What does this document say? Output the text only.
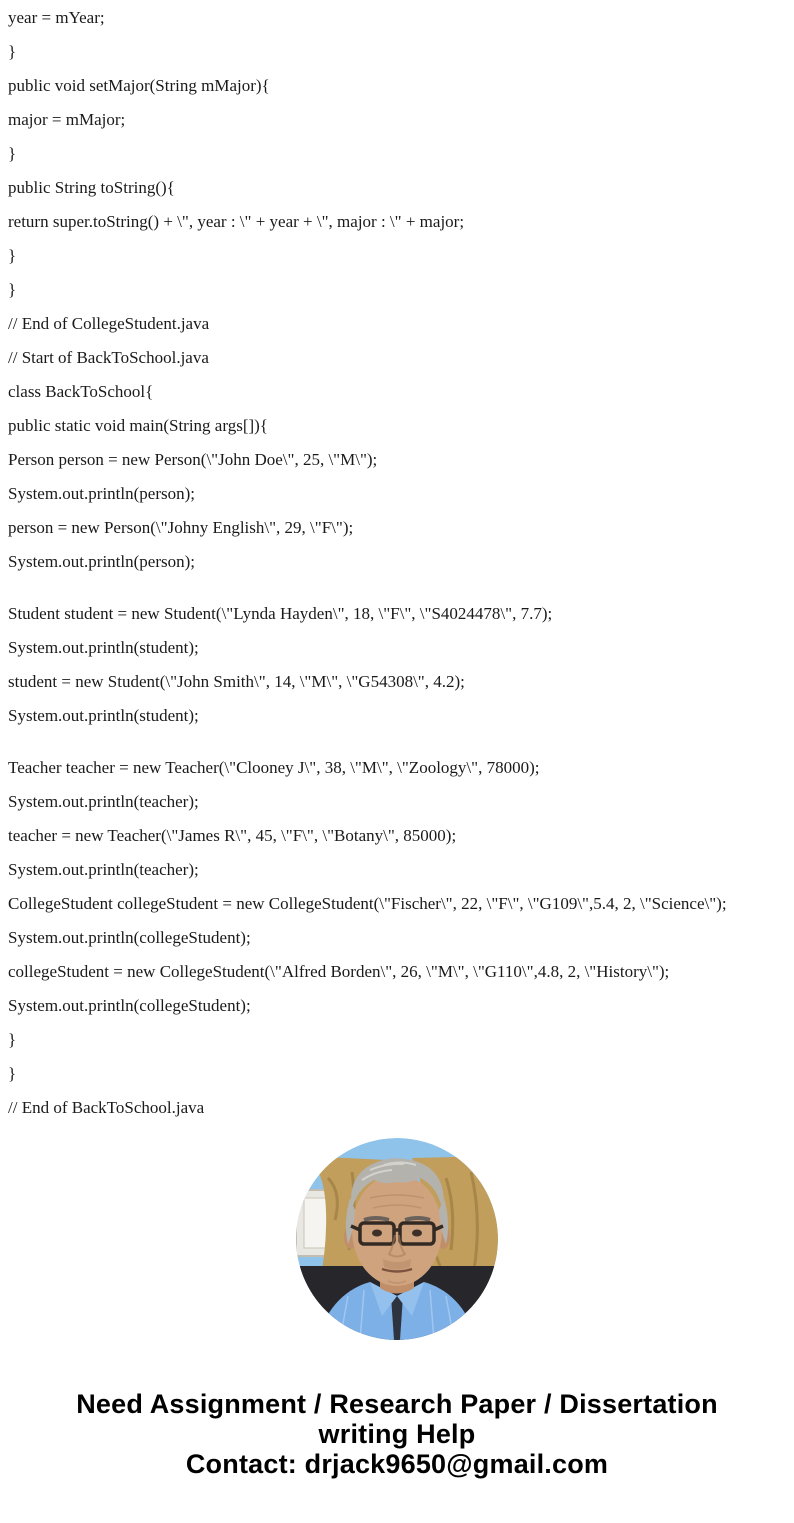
year = mYear;

}

public void setMajor(String mMajor){

major = mMajor;

}

public String toString(){

return super.toString() + \", year : \" + year + \", major : \" + major;

}

}

// End of CollegeStudent.java

// Start of BackToSchool.java

class BackToSchool{

public static void main(String args[]){

Person person = new Person(\"John Doe\", 25, \"M\");

System.out.println(person);

person = new Person(\"Johny English\", 29, \"F\");

System.out.println(person);

Student student = new Student(\"Lynda Hayden\", 18, \"F\", \"S4024478\", 7.7);

System.out.println(student);

student = new Student(\"John Smith\", 14, \"M\", \"G54308\", 4.2);

System.out.println(student);

Teacher teacher = new Teacher(\"Clooney J\", 38, \"M\", \"Zoology\", 78000);

System.out.println(teacher);

teacher = new Teacher(\"James R\", 45, \"F\", \"Botany\", 85000);

System.out.println(teacher);

CollegeStudent collegeStudent = new CollegeStudent(\"Fischer\", 22, \"F\", \"G109\",5.4, 2, \"Science\");

System.out.println(collegeStudent);

collegeStudent = new CollegeStudent(\"Alfred Borden\", 26, \"M\", \"G110\",4.8, 2, \"History\");

System.out.println(collegeStudent);

}

}

// End of BackToSchool.java

Need Assignment / Research Paper / Dissertation
writing Help
Contact: drjack9650@gmail.com
